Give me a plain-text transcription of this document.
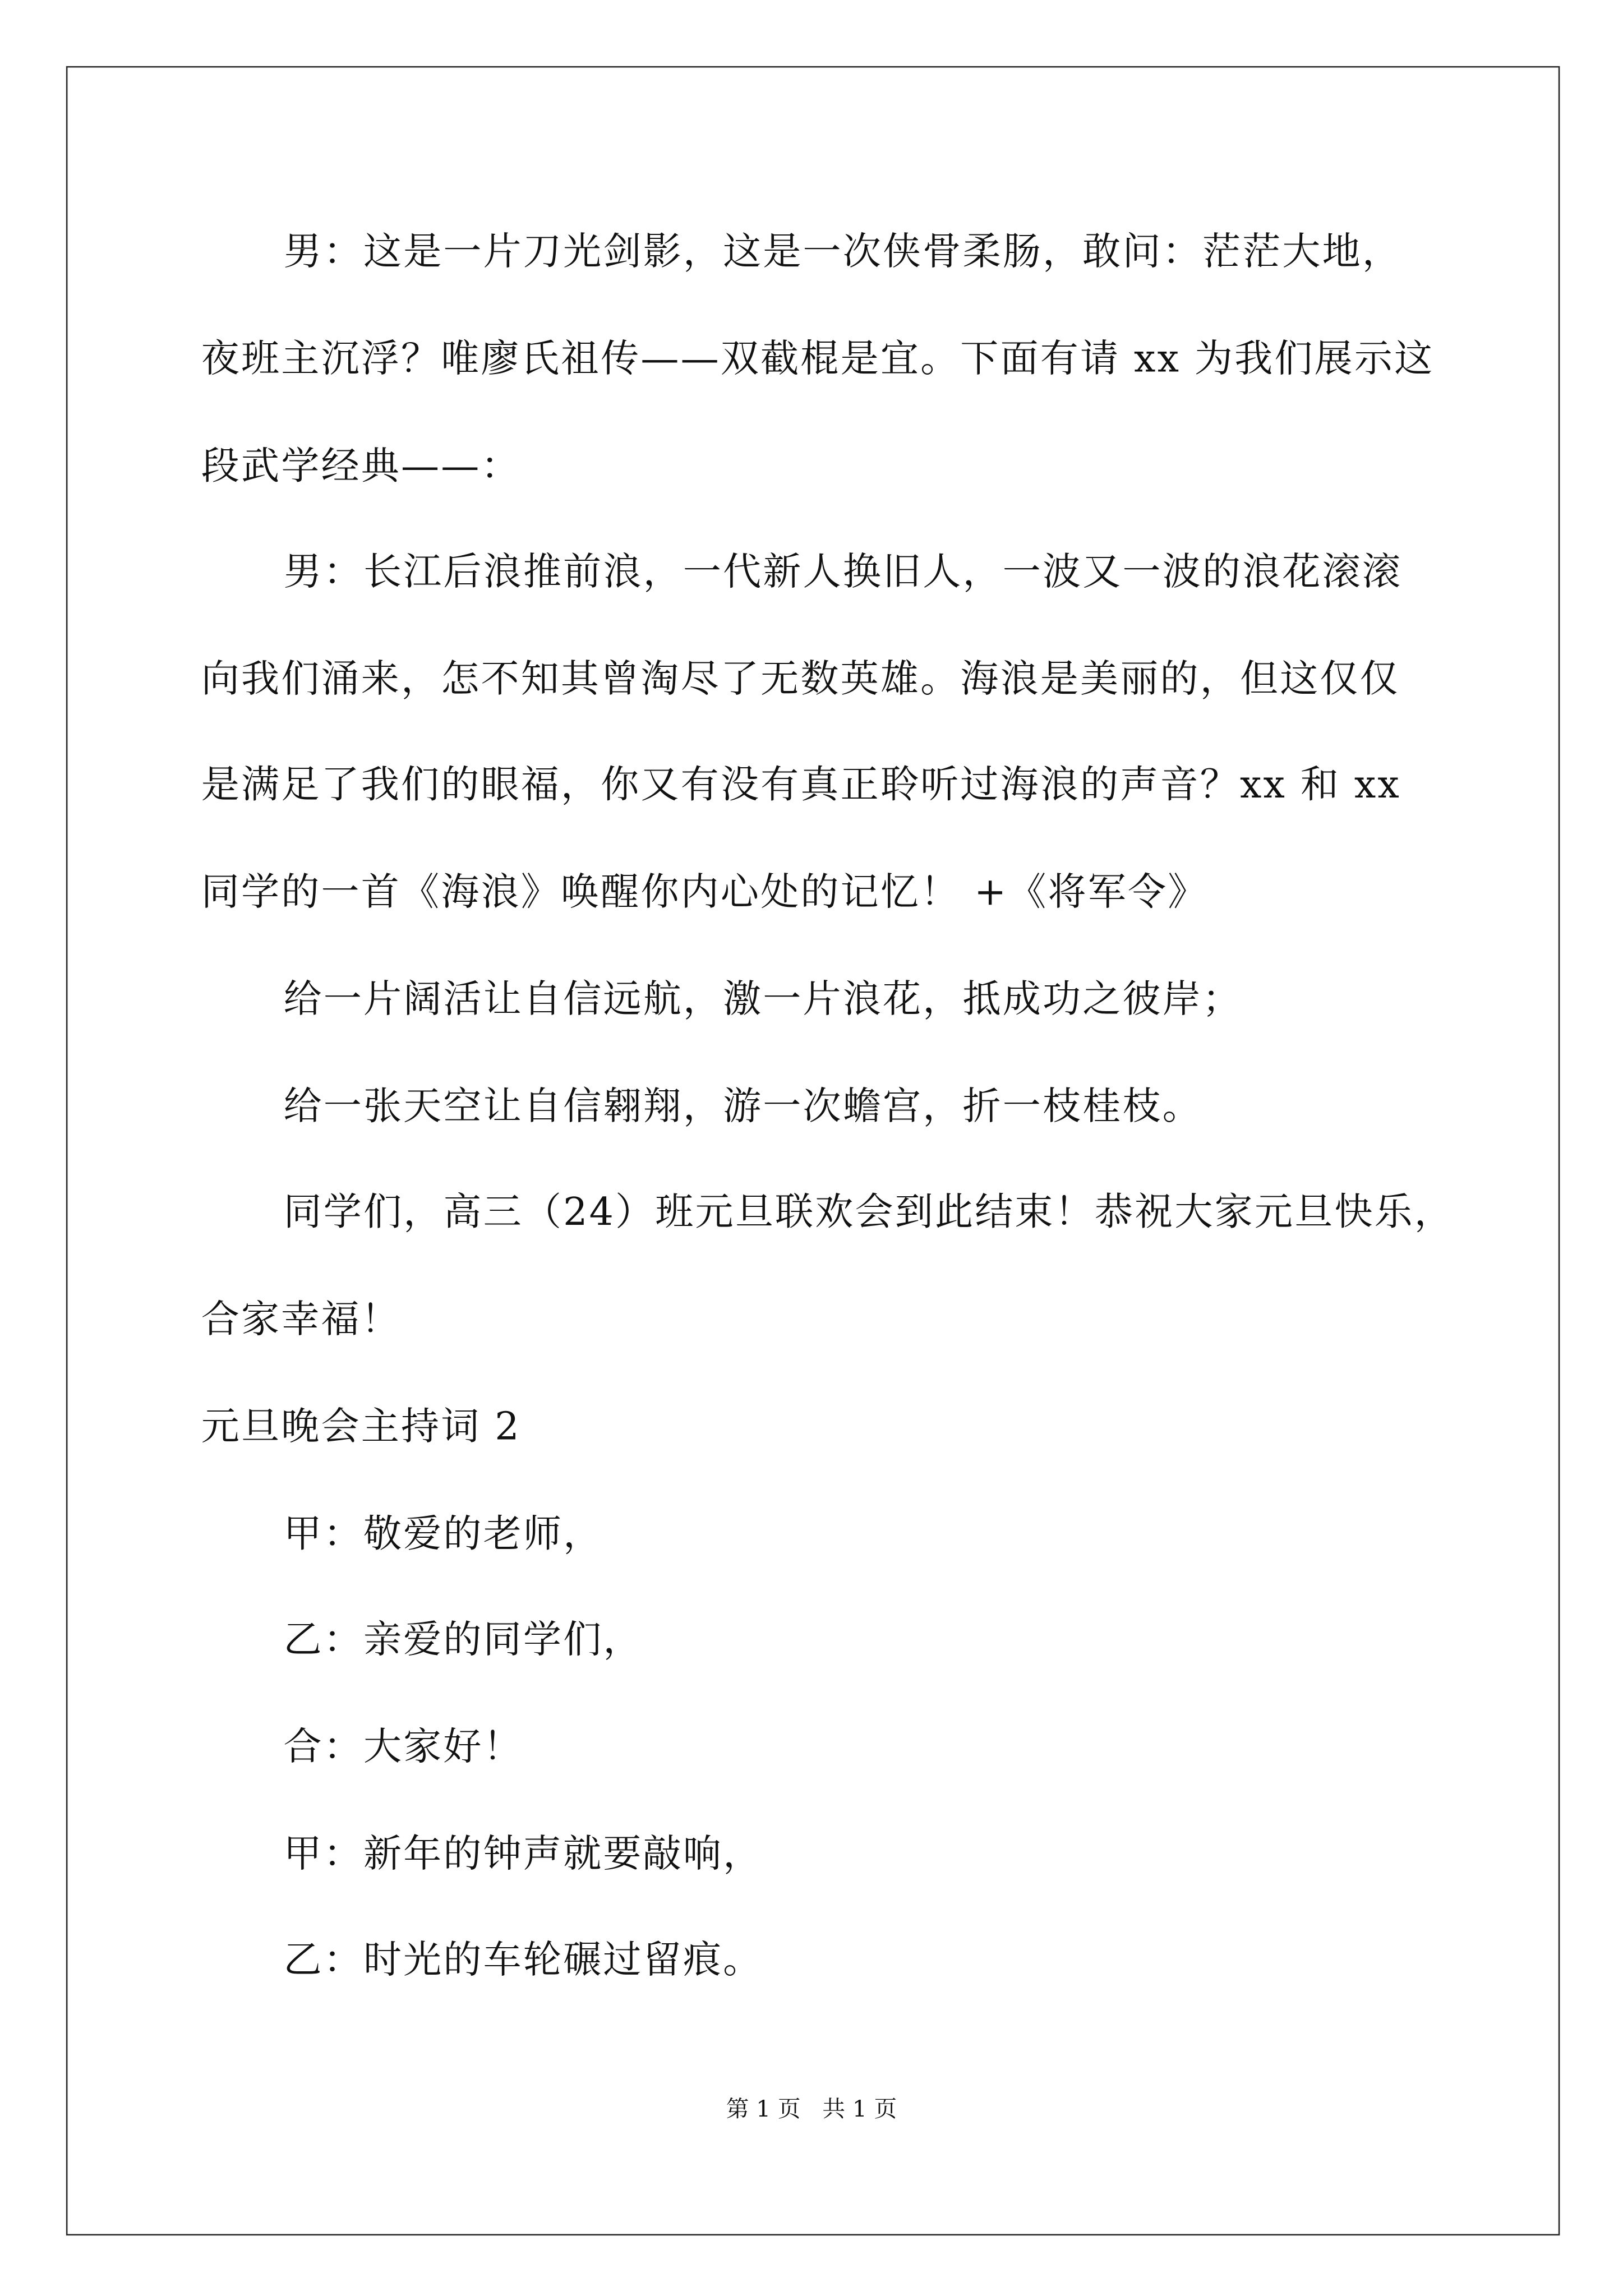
男：这是一片刀光剑影，这是一次侠骨柔肠，敢问：茫茫大地，
夜班主沉浮？唯廖氏祖传——双截棍是宜。下面有请 xx 为我们展示这
段武学经典——：
男：长江后浪推前浪，一代新人换旧人，一波又一波的浪花滚滚
向我们涌来，怎不知其曾淘尽了无数英雄。海浪是美丽的，但这仅仅
是满足了我们的眼福，你又有没有真正聆听过海浪的声音？xx 和 xx
同学的一首《海浪》唤醒你内心处的记忆！ +《将军令》
给一片阔活让自信远航，激一片浪花，抵成功之彼岸；
给一张天空让自信翱翔，游一次蟾宫，折一枝桂枝。
同学们，高三（24）班元旦联欢会到此结束！恭祝大家元旦快乐，
合家幸福！
元旦晚会主持词 2
甲：敬爱的老师，
乙：亲爱的同学们，
合：大家好！
甲：新年的钟声就要敲响，
乙：时光的车轮碾过留痕。
第 1 页   共 1 页
